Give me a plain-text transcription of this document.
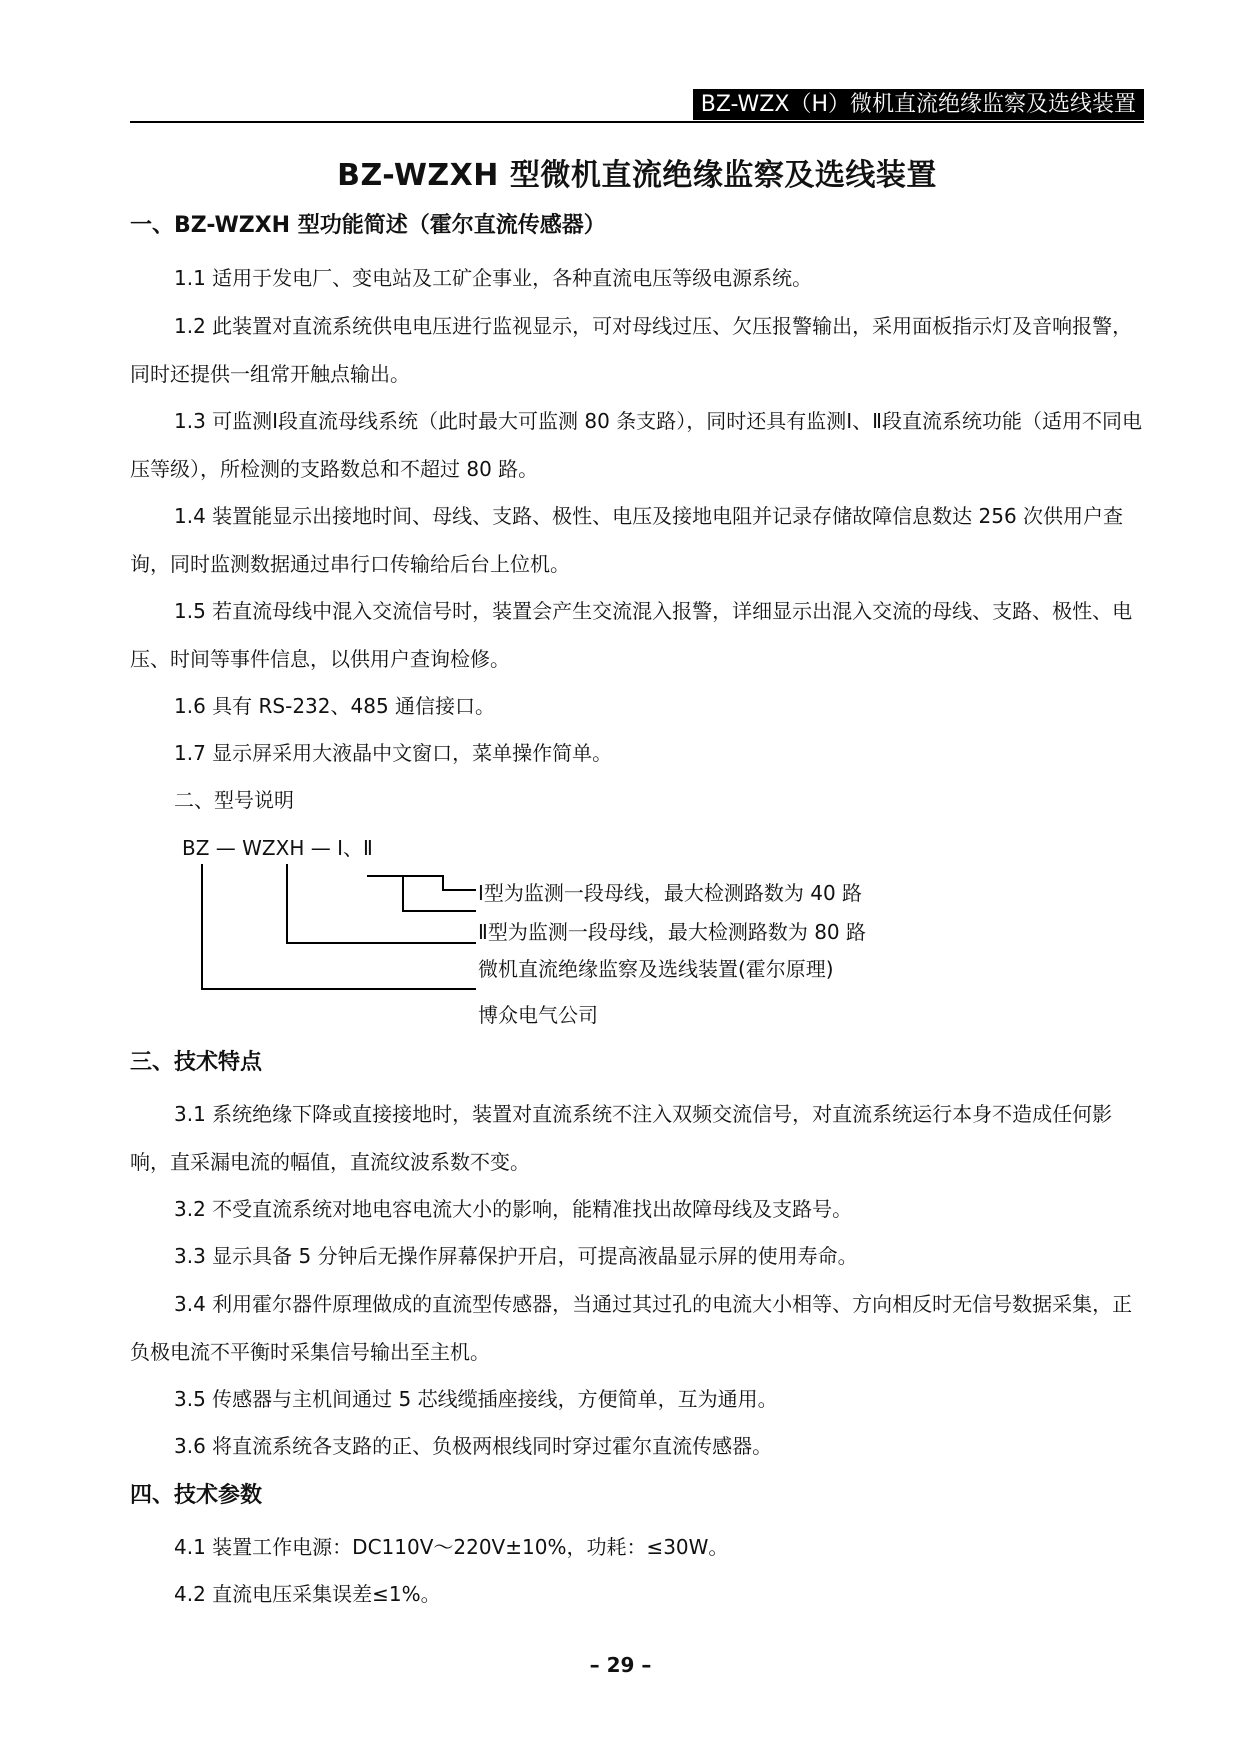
BZ-WZX（H）微机直流绝缘监察及选线装置
BZ-WZXH 型微机直流绝缘监察及选线装置
一、BZ-WZXH 型功能简述（霍尔直流传感器）
1.1 适用于发电厂、变电站及工矿企事业，各种直流电压等级电源系统。
1.2 此装置对直流系统供电电压进行监视显示，可对母线过压、欠压报警输出，采用面板指示灯及音响报警，同时还提供一组常开触点输出。
1.3 可监测Ⅰ段直流母线系统（此时最大可监测 80 条支路），同时还具有监测Ⅰ、Ⅱ段直流系统功能（适用不同电压等级），所检测的支路数总和不超过 80 路。
1.4 装置能显示出接地时间、母线、支路、极性、电压及接地电阻并记录存储故障信息数达 256 次供用户查询，同时监测数据通过串行口传输给后台上位机。
1.5 若直流母线中混入交流信号时，装置会产生交流混入报警，详细显示出混入交流的母线、支路、极性、电压、时间等事件信息，以供用户查询检修。
1.6 具有 RS-232、485 通信接口。
1.7 显示屏采用大液晶中文窗口，菜单操作简单。
二、型号说明
BZ — WZXH — Ⅰ、Ⅱ
Ⅰ型为监测一段母线，最大检测路数为 40 路
Ⅱ型为监测一段母线，最大检测路数为 80 路
微机直流绝缘监察及选线装置(霍尔原理)
博众电气公司
三、技术特点
3.1 系统绝缘下降或直接接地时，装置对直流系统不注入双频交流信号，对直流系统运行本身不造成任何影响，直采漏电流的幅值，直流纹波系数不变。
3.2 不受直流系统对地电容电流大小的影响，能精准找出故障母线及支路号。
3.3 显示具备 5 分钟后无操作屏幕保护开启，可提高液晶显示屏的使用寿命。
3.4 利用霍尔器件原理做成的直流型传感器，当通过其过孔的电流大小相等、方向相反时无信号数据采集，正负极电流不平衡时采集信号输出至主机。
3.5 传感器与主机间通过 5 芯线缆插座接线，方便简单，互为通用。
3.6 将直流系统各支路的正、负极两根线同时穿过霍尔直流传感器。
四、技术参数
4.1 装置工作电源：DC110V～220V±10%，功耗：≤30W。
4.2 直流电压采集误差≤1%。
– 29 –
